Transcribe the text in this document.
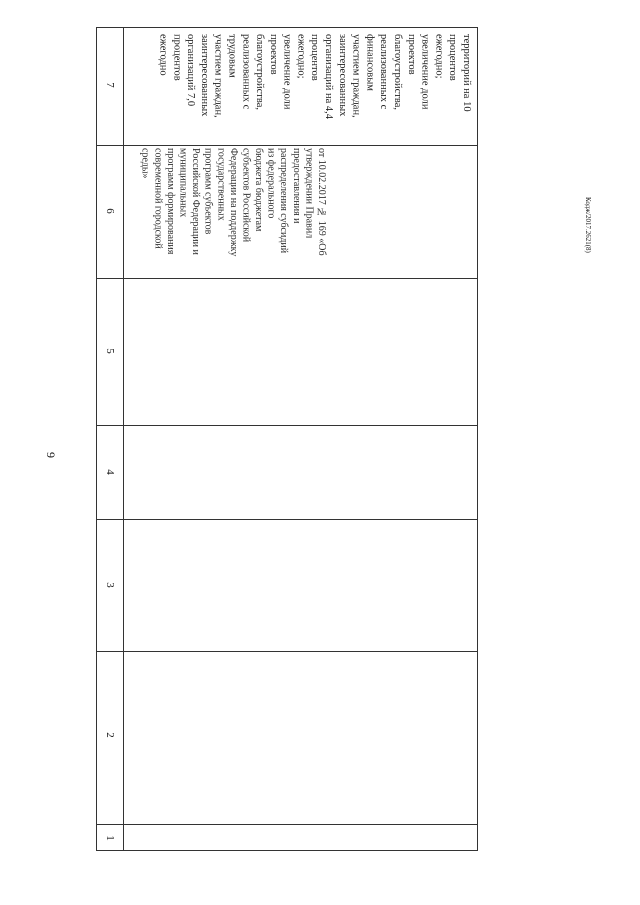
9
Кодж/2017.2621(8)
1
2
3
4
5
6
7	территорий на 10
процентов
ежегодно;
увеличение доли
проектов
благоустройства,
реализованных с
финансовым
участием граждан,
заинтересованных
организаций на 4,4
процентов
ежегодно;
увеличение доли
проектов
благоустройства,
реализованных с
трудовым
участием граждан,
заинтересованных
организаций 7,0
процентов
ежегодно
от 10.02.2017 № 169 «Об
утверждении Правил
предоставления и
распределения субсидий
из федерального
бюджета бюджетам
субъектов Российской
Федерации на поддержку
государственных
программ субъектов
Российской Федерации и
муниципальных
программ формирования
современной городской
среды»
